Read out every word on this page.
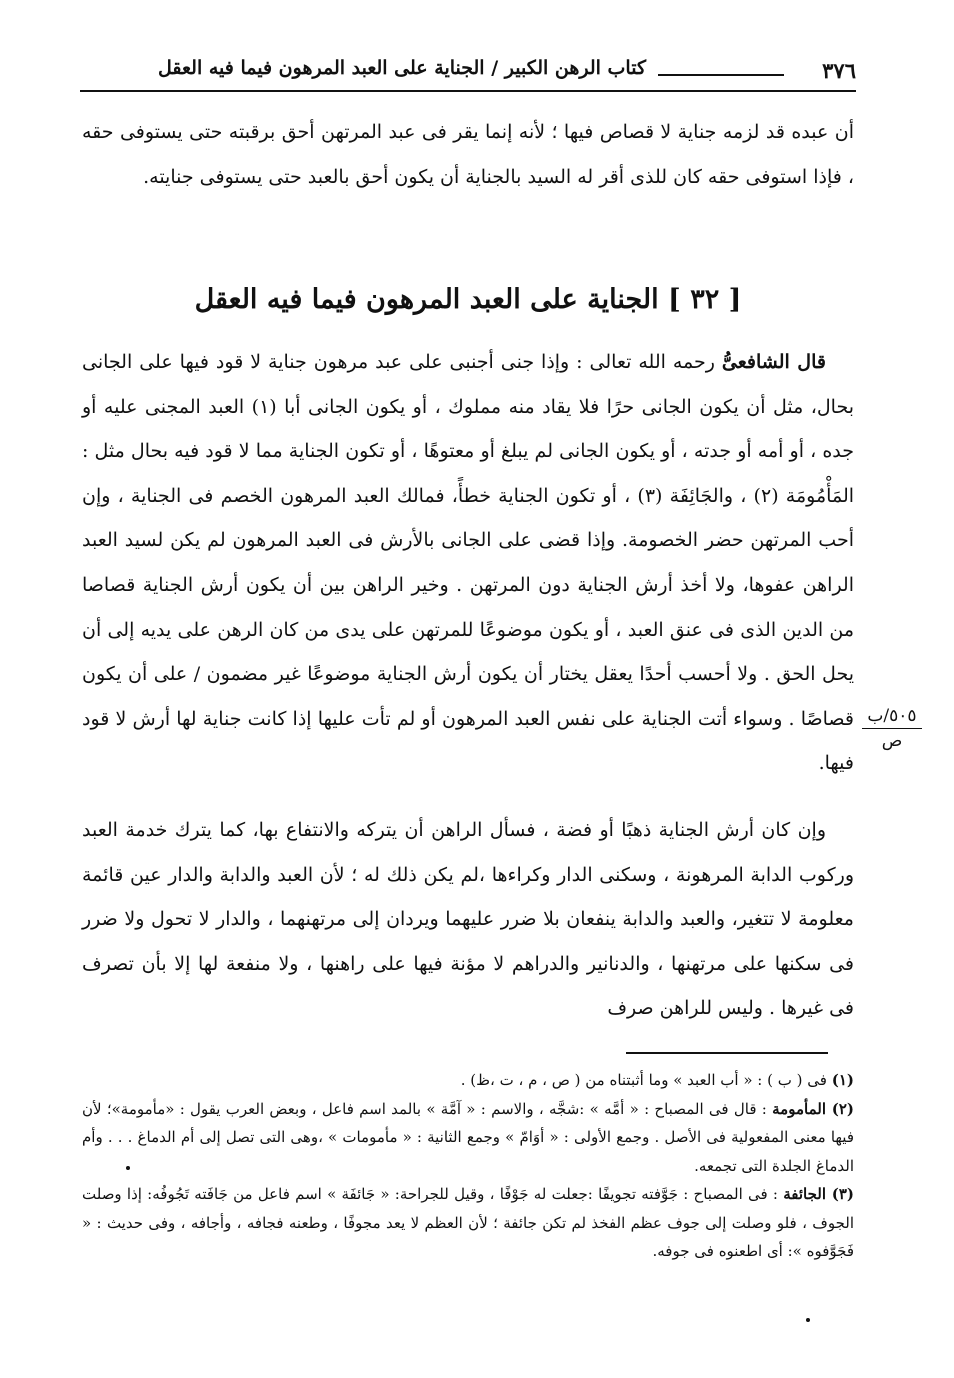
٣٧٦
كتاب الرهن الكبير / الجناية على العبد المرهون فيما فيه العقل

أن عبده قد لزمه جناية لا قصاص فيها ؛ لأنه إنما يقر فى عبد المرتهن أحق برقبته حتى يستوفى حقه ، فإذا استوفى حقه كان للذى أقر له السيد بالجناية أن يكون أحق بالعبد حتى يستوفى جنايته.

[ ٣٢ ] الجناية على العبد المرهون فيما فيه العقل

قال الشافعىُّ رحمه الله تعالى : وإذا جنى أجنبى على عبد مرهون جناية لا قود فيها على الجانى بحال، مثل أن يكون الجانى حرًا فلا يقاد منه مملوك ، أو يكون الجانى أبا (١) العبد المجنى عليه أو جده ، أو أمه أو جدته ، أو يكون الجانى لم يبلغ أو معتوهًا ، أو تكون الجناية مما لا قود فيه بحال مثل : المَأْمُومَة (٢) ، والجَائِفَة (٣) ، أو تكون الجناية خطأً، فمالك العبد المرهون الخصم فى الجناية ، وإن أحب المرتهن حضر الخصومة. وإذا قضى على الجانى بالأرش فى العبد المرهون لم يكن لسيد العبد الراهن عفوها، ولا أخذ أرش الجناية دون المرتهن . وخير الراهن بين أن يكون أرش الجناية قصاصا من الدين الذى فى عنق العبد ، أو يكون موضوعًا للمرتهن على يدى من كان الرهن على يديه إلى أن يحل الحق . ولا أحسب أحدًا يعقل يختار أن يكون أرش الجناية موضوعًا غير مضمون / على أن يكون قصاصًا . وسواء أتت الجناية على نفس العبد المرهون أو لم تأت عليها إذا كانت جناية لها أرش لا قود فيها.

٥٠٥/ب
ص

وإن كان أرش الجناية ذهبًا أو فضة ، فسأل الراهن أن يتركه والانتفاع بها، كما يترك خدمة العبد وركوب الدابة المرهونة ، وسكنى الدار وكراءها ،لم يكن ذلك له ؛ لأن العبد والدابة والدار عين قائمة معلومة لا تتغير، والعبد والدابة ينفعان بلا ضرر عليهما ويردان إلى مرتهنهما ، والدار لا تحول ولا ضرر فى سكنها على مرتهنها ، والدنانير والدراهم لا مؤنة فيها على راهنها ، ولا منفعة لها إلا بأن تصرف فى غيرها . وليس للراهن صرف

(١) فى ( ب ) : « أب العبد » وما أثبتناه من ( ص ، م ، ت ،ظ) .

(٢) المأمومة : قال فى المصباح : « أمَّه » :شجَّه ، والاسم : « آمَّة » بالمد اسم فاعل ، وبعض العرب يقول : «مأمومة»؛ لأن فيها معنى المفعولية فى الأصل . وجمع الأولى : « أوَامّ » وجمع الثانية : « مأمومات » ،وهى التى تصل إلى أم الدماغ . . . وأم الدماغ الجلدة التى تجمعه.

(٣) الجائفة : فى المصباح : جَوَّفته تجويفًا :جعلت له جَوْفًا ، وقيل للجراحة: « جَائفَة » اسم فاعل من جَافَته تَجُوفُه: إذا وصلت الجوف ، فلو وصلت إلى جوف عظم الفخذ لم تكن جائفة ؛ لأن العظم لا يعد مجوفًا ، وطعنه فجافه ، وأجافه ، وفى حديث : « فَجَوَّفوه »: أى اطعنوه فى جوفه.
